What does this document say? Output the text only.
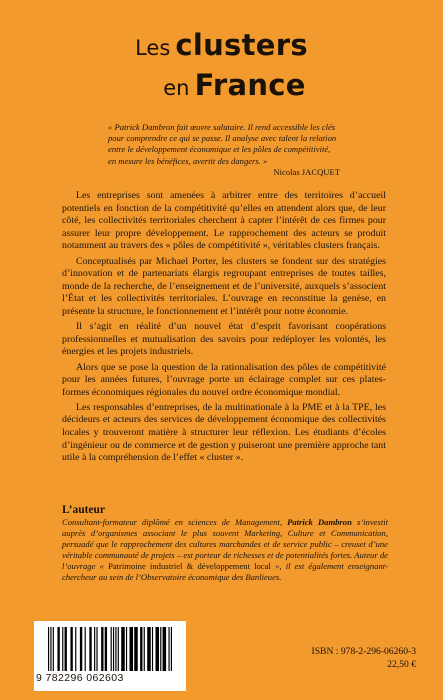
Les clusters
en France

« Patrick Dambron fait œuvre salutaire. Il rend accessible les clés pour comprendre ce qui se passe. Il analyse avec talent la relation entre le développement économique et les pôles de compétitivité, en mesure les bénéfices, avertit des dangers. »

Nicolas JACQUET

Les entreprises sont amenées à arbitrer entre des territoires d’accueil potentiels en fonction de la compétitivité qu’elles en attendent alors que, de leur côté, les collectivités territoriales cherchent à capter l’intérêt de ces firmes pour assurer leur propre développement. Le rapprochement des acteurs se produit notamment au travers des « pôles de compétitivité », véritables clusters français.

Conceptualisés par Michael Porter, les clusters se fondent sur des stratégies d’innovation et de partenariats élargis regroupant entreprises de toutes tailles, monde de la recherche, de l’enseignement et de l’université, auxquels s’associent l’État et les collectivités territoriales. L’ouvrage en reconstitue la genèse, en présente la structure, le fonctionnement et l’intérêt pour notre économie.

Il s’agit en réalité d’un nouvel état d’esprit favorisant coopérations professionnelles et mutualisation des savoirs pour redéployer les volontés, les énergies et les projets industriels.

Alors que se pose la question de la rationalisation des pôles de compétitivité pour les années futures, l’ouvrage porte un éclairage complet sur ces plates-formes économiques régionales du nouvel ordre économique mondial.

Les responsables d’entreprises, de la multinationale à la PME et à la TPE, les décideurs et acteurs des services de développement économique des collectivités locales y trouveront matière à structurer leur réflexion. Les étudiants d’écoles d’ingénieur ou de commerce et de gestion y puiseront une première approche tant utile à la compréhension de l’effet « cluster ».

L’auteur

Consultant-formateur diplômé en sciences de Management, Patrick Dambron s’investit auprès d’organismes associant le plus souvent Marketing, Culture et Communication, persuadé que le rapprochement des cultures marchandes et de service public – creuset d’une véritable communauté de projets – est porteur de richesses et de potentialités fortes. Auteur de l’ouvrage « Patrimoine industriel & développement local », il est également enseignant-chercheur au sein de l’Observatoire économique des Banlieues.

9 782296 062603
ISBN : 978-2-296-06260-3
22,50 €
